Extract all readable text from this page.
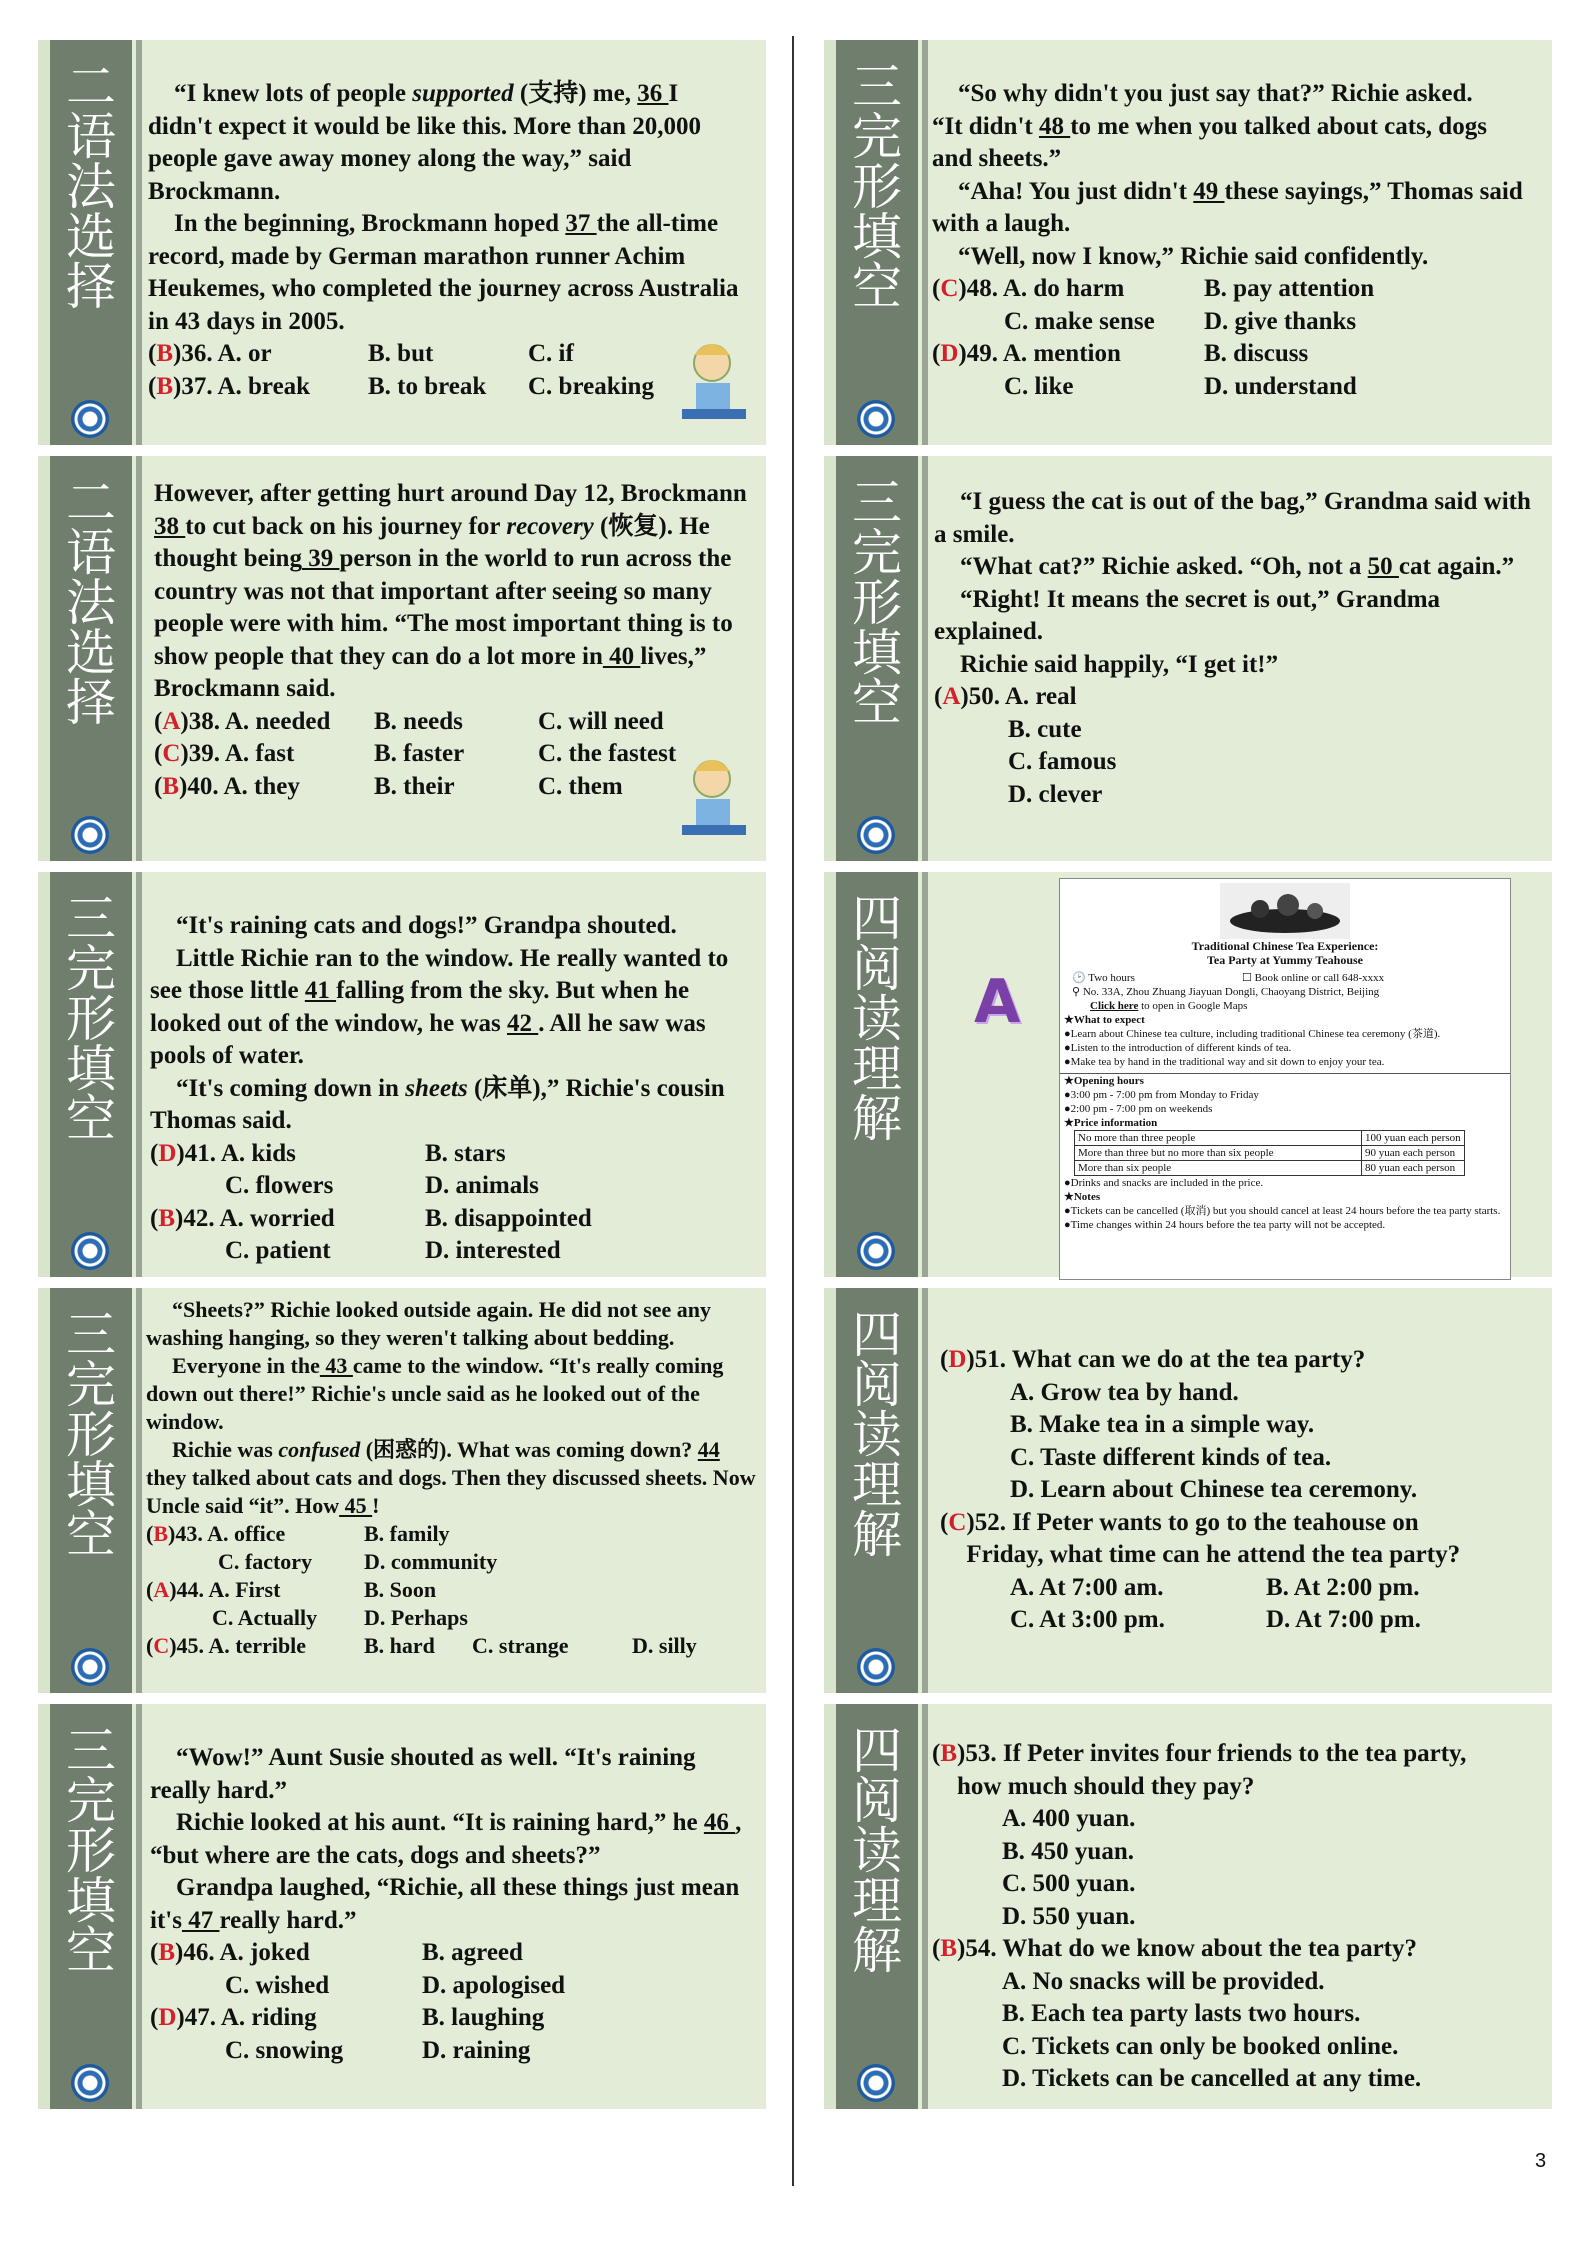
二
语
法
选
择

“I knew lots of people supported (支持) me, 36 I didn't expect it would be like this. More than 20,000 people gave away money along the way,” said Brockmann.

In the beginning, Brockmann hoped 37 the all-time record, made by German marathon runner Achim Heukemes, who completed the journey across Australia in 43 days in 2005.

(B)36. A. or	B. but	C. if
(B)37. A. break	B. to break	C. breaking
二
语
法
选
择

However, after getting hurt around Day 12, Brockmann 38 to cut back on his journey for recovery (恢复). He thought being 39 person in the world to run across the country was not that important after seeing so many people were with him. “The most important thing is to show people that they can do a lot more in 40 lives,” Brockmann said.

(A)38. A. needed	B. needs	C. will need
(C)39. A. fast	B. faster	C. the fastest
(B)40. A. they	B. their	C. them
三
完
形
填
空

“It's raining cats and dogs!” Grandpa shouted.

Little Richie ran to the window. He really wanted to see those little 41 falling from the sky. But when he looked out of the window, he was 42 . All he saw was pools of water.

“It's coming down in sheets (床单),” Richie's cousin Thomas said.

(D)41. A. kids	B. stars
C. flowers	D. animals
(B)42. A. worried	B. disappointed
C. patient	D. interested
三
完
形
填
空

“Sheets?” Richie looked outside again. He did not see any washing hanging, so they weren't talking about bedding.

Everyone in the 43 came to the window. “It's really coming down out there!” Richie's uncle said as he looked out of the window.

Richie was confused (困惑的). What was coming down? 44 they talked about cats and dogs. Then they discussed sheets. Now Uncle said “it”. How 45 !

(B)43. A. office	B. family
C. factory	D. community
(A)44. A. First	B. Soon
C. Actually	D. Perhaps
(C)45. A. terrible	B. hard	C. strange	D. silly
三
完
形
填
空

“Wow!” Aunt Susie shouted as well. “It's raining really hard.”

Richie looked at his aunt. “It is raining hard,” he 46 , “but where are the cats, dogs and sheets?”

Grandpa laughed, “Richie, all these things just mean it's 47 really hard.”

(B)46. A. joked	B. agreed
C. wished	D. apologised
(D)47. A. riding	B. laughing
C. snowing	D. raining
三
完
形
填
空

“So why didn't you just say that?” Richie asked.

“It didn't 48 to me when you talked about cats, dogs and sheets.”

“Aha! You just didn't 49 these sayings,” Thomas said with a laugh.

“Well, now I know,” Richie said confidently.

(C)48. A. do harm	B. pay attention
C. make sense	D. give thanks
(D)49. A. mention	B. discuss
C. like	D. understand
三
完
形
填
空

“I guess the cat is out of the bag,” Grandma said with a smile.

“What cat?” Richie asked. “Oh, not a 50 cat again.”

“Right! It means the secret is out,” Grandma explained.

Richie said happily, “I get it!”

(A)50. A. real
B. cute
C. famous
D. clever
四
阅
读
理
解
A
Traditional Chinese Tea Experience:
Tea Party at Yummy Teahouse
🕑 Two hours	☐ Book online or call 648-xxxx
⚲ No. 33A, Zhou Zhuang Jiayuan Dongli, Chaoyang District, Beijing
Click here to open in Google Maps
★What to expect
●Learn about Chinese tea culture, including traditional Chinese tea ceremony (茶道).
●Listen to the introduction of different kinds of tea.
●Make tea by hand in the traditional way and sit down to enjoy your tea.
★Opening hours
●3:00 pm - 7:00 pm from Monday to Friday
●2:00 pm - 7:00 pm on weekends
★Price information
No more than three people	100 yuan each person
More than three but no more than six people	90 yuan each person
More than six people	80 yuan each person
●Drinks and snacks are included in the price.
★Notes
●Tickets can be cancelled (取消) but you should cancel at least 24 hours before the tea party starts.
●Time changes within 24 hours before the tea party will not be accepted.
四
阅
读
理
解
(D)51. What can we do at the tea party?
A. Grow tea by hand.
B. Make tea in a simple way.
C. Taste different kinds of tea.
D. Learn about Chinese tea ceremony.
(C )52. If Peter wants to go to the teahouse on Friday, what time can he attend the tea party?
A. At 7:00 am.	B. At 2:00 pm.
C. At 3:00 pm.	D. At 7:00 pm.
四
阅
读
理
解
(B )53. If Peter invites four friends to the tea party, how much should they pay?
A. 400 yuan.
B. 450 yuan.
C. 500 yuan.
D. 550 yuan.
(B)54. What do we know about the tea party?
A. No snacks will be provided.
B. Each tea party lasts two hours.
C. Tickets can only be booked online.
D. Tickets can be cancelled at any time.
3
